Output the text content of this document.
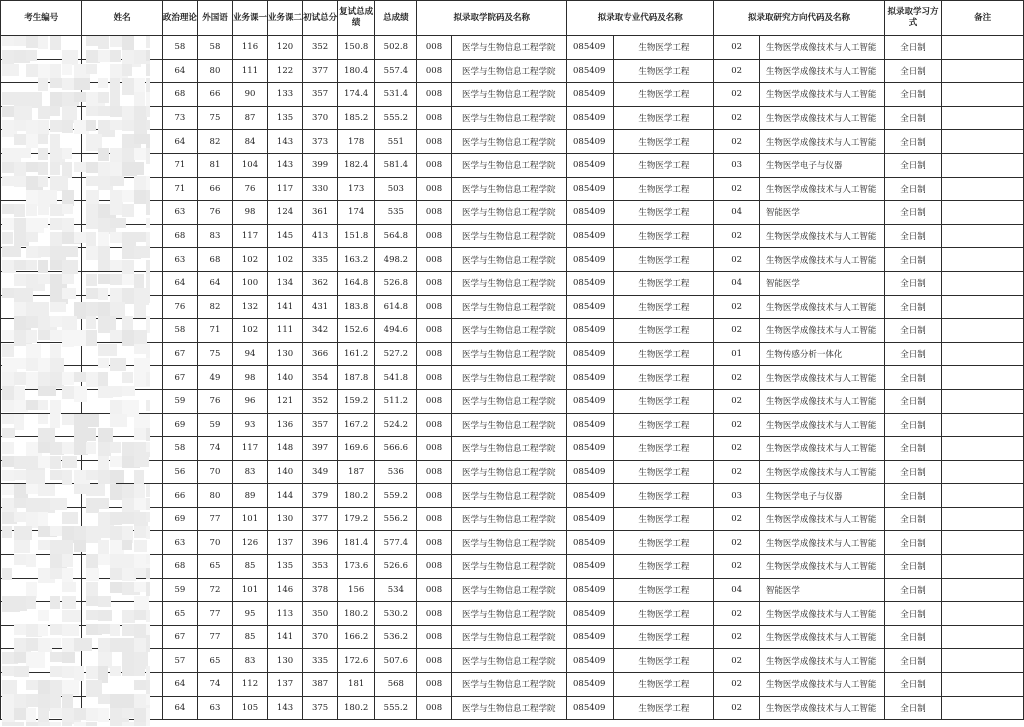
考生编号	姓名	政治理论	外国语	业务课一	业务课二	初试总分	复试总成绩	总成绩	拟录取学院码及名称		拟录取专业代码及名称		拟录取研究方向代码及名称		拟录取学习方式	备注
		58	58	116	120	352	150.8	502.8	008	医学与生物信息工程学院	085409	生物医学工程	02	生物医学成像技术与人工智能	全日制	
		64	80	111	122	377	180.4	557.4	008	医学与生物信息工程学院	085409	生物医学工程	02	生物医学成像技术与人工智能	全日制	
		68	66	90	133	357	174.4	531.4	008	医学与生物信息工程学院	085409	生物医学工程	02	生物医学成像技术与人工智能	全日制	
		73	75	87	135	370	185.2	555.2	008	医学与生物信息工程学院	085409	生物医学工程	02	生物医学成像技术与人工智能	全日制	
		64	82	84	143	373	178	551	008	医学与生物信息工程学院	085409	生物医学工程	02	生物医学成像技术与人工智能	全日制	
		71	81	104	143	399	182.4	581.4	008	医学与生物信息工程学院	085409	生物医学工程	03	生物医学电子与仪器	全日制	
		71	66	76	117	330	173	503	008	医学与生物信息工程学院	085409	生物医学工程	02	生物医学成像技术与人工智能	全日制	
		63	76	98	124	361	174	535	008	医学与生物信息工程学院	085409	生物医学工程	04	智能医学	全日制	
		68	83	117	145	413	151.8	564.8	008	医学与生物信息工程学院	085409	生物医学工程	02	生物医学成像技术与人工智能	全日制	
		63	68	102	102	335	163.2	498.2	008	医学与生物信息工程学院	085409	生物医学工程	02	生物医学成像技术与人工智能	全日制	
		64	64	100	134	362	164.8	526.8	008	医学与生物信息工程学院	085409	生物医学工程	04	智能医学	全日制	
		76	82	132	141	431	183.8	614.8	008	医学与生物信息工程学院	085409	生物医学工程	02	生物医学成像技术与人工智能	全日制	
		58	71	102	111	342	152.6	494.6	008	医学与生物信息工程学院	085409	生物医学工程	02	生物医学成像技术与人工智能	全日制	
		67	75	94	130	366	161.2	527.2	008	医学与生物信息工程学院	085409	生物医学工程	01	生物传感分析一体化	全日制	
		67	49	98	140	354	187.8	541.8	008	医学与生物信息工程学院	085409	生物医学工程	02	生物医学成像技术与人工智能	全日制	
		59	76	96	121	352	159.2	511.2	008	医学与生物信息工程学院	085409	生物医学工程	02	生物医学成像技术与人工智能	全日制	
		69	59	93	136	357	167.2	524.2	008	医学与生物信息工程学院	085409	生物医学工程	02	生物医学成像技术与人工智能	全日制	
		58	74	117	148	397	169.6	566.6	008	医学与生物信息工程学院	085409	生物医学工程	02	生物医学成像技术与人工智能	全日制	
		56	70	83	140	349	187	536	008	医学与生物信息工程学院	085409	生物医学工程	02	生物医学成像技术与人工智能	全日制	
		66	80	89	144	379	180.2	559.2	008	医学与生物信息工程学院	085409	生物医学工程	03	生物医学电子与仪器	全日制	
		69	77	101	130	377	179.2	556.2	008	医学与生物信息工程学院	085409	生物医学工程	02	生物医学成像技术与人工智能	全日制	
		63	70	126	137	396	181.4	577.4	008	医学与生物信息工程学院	085409	生物医学工程	02	生物医学成像技术与人工智能	全日制	
		68	65	85	135	353	173.6	526.6	008	医学与生物信息工程学院	085409	生物医学工程	02	生物医学成像技术与人工智能	全日制	
		59	72	101	146	378	156	534	008	医学与生物信息工程学院	085409	生物医学工程	04	智能医学	全日制	
		65	77	95	113	350	180.2	530.2	008	医学与生物信息工程学院	085409	生物医学工程	02	生物医学成像技术与人工智能	全日制	
		67	77	85	141	370	166.2	536.2	008	医学与生物信息工程学院	085409	生物医学工程	02	生物医学成像技术与人工智能	全日制	
		57	65	83	130	335	172.6	507.6	008	医学与生物信息工程学院	085409	生物医学工程	02	生物医学成像技术与人工智能	全日制	
		64	74	112	137	387	181	568	008	医学与生物信息工程学院	085409	生物医学工程	02	生物医学成像技术与人工智能	全日制	
		64	63	105	143	375	180.2	555.2	008	医学与生物信息工程学院	085409	生物医学工程	02	生物医学成像技术与人工智能	全日制	
